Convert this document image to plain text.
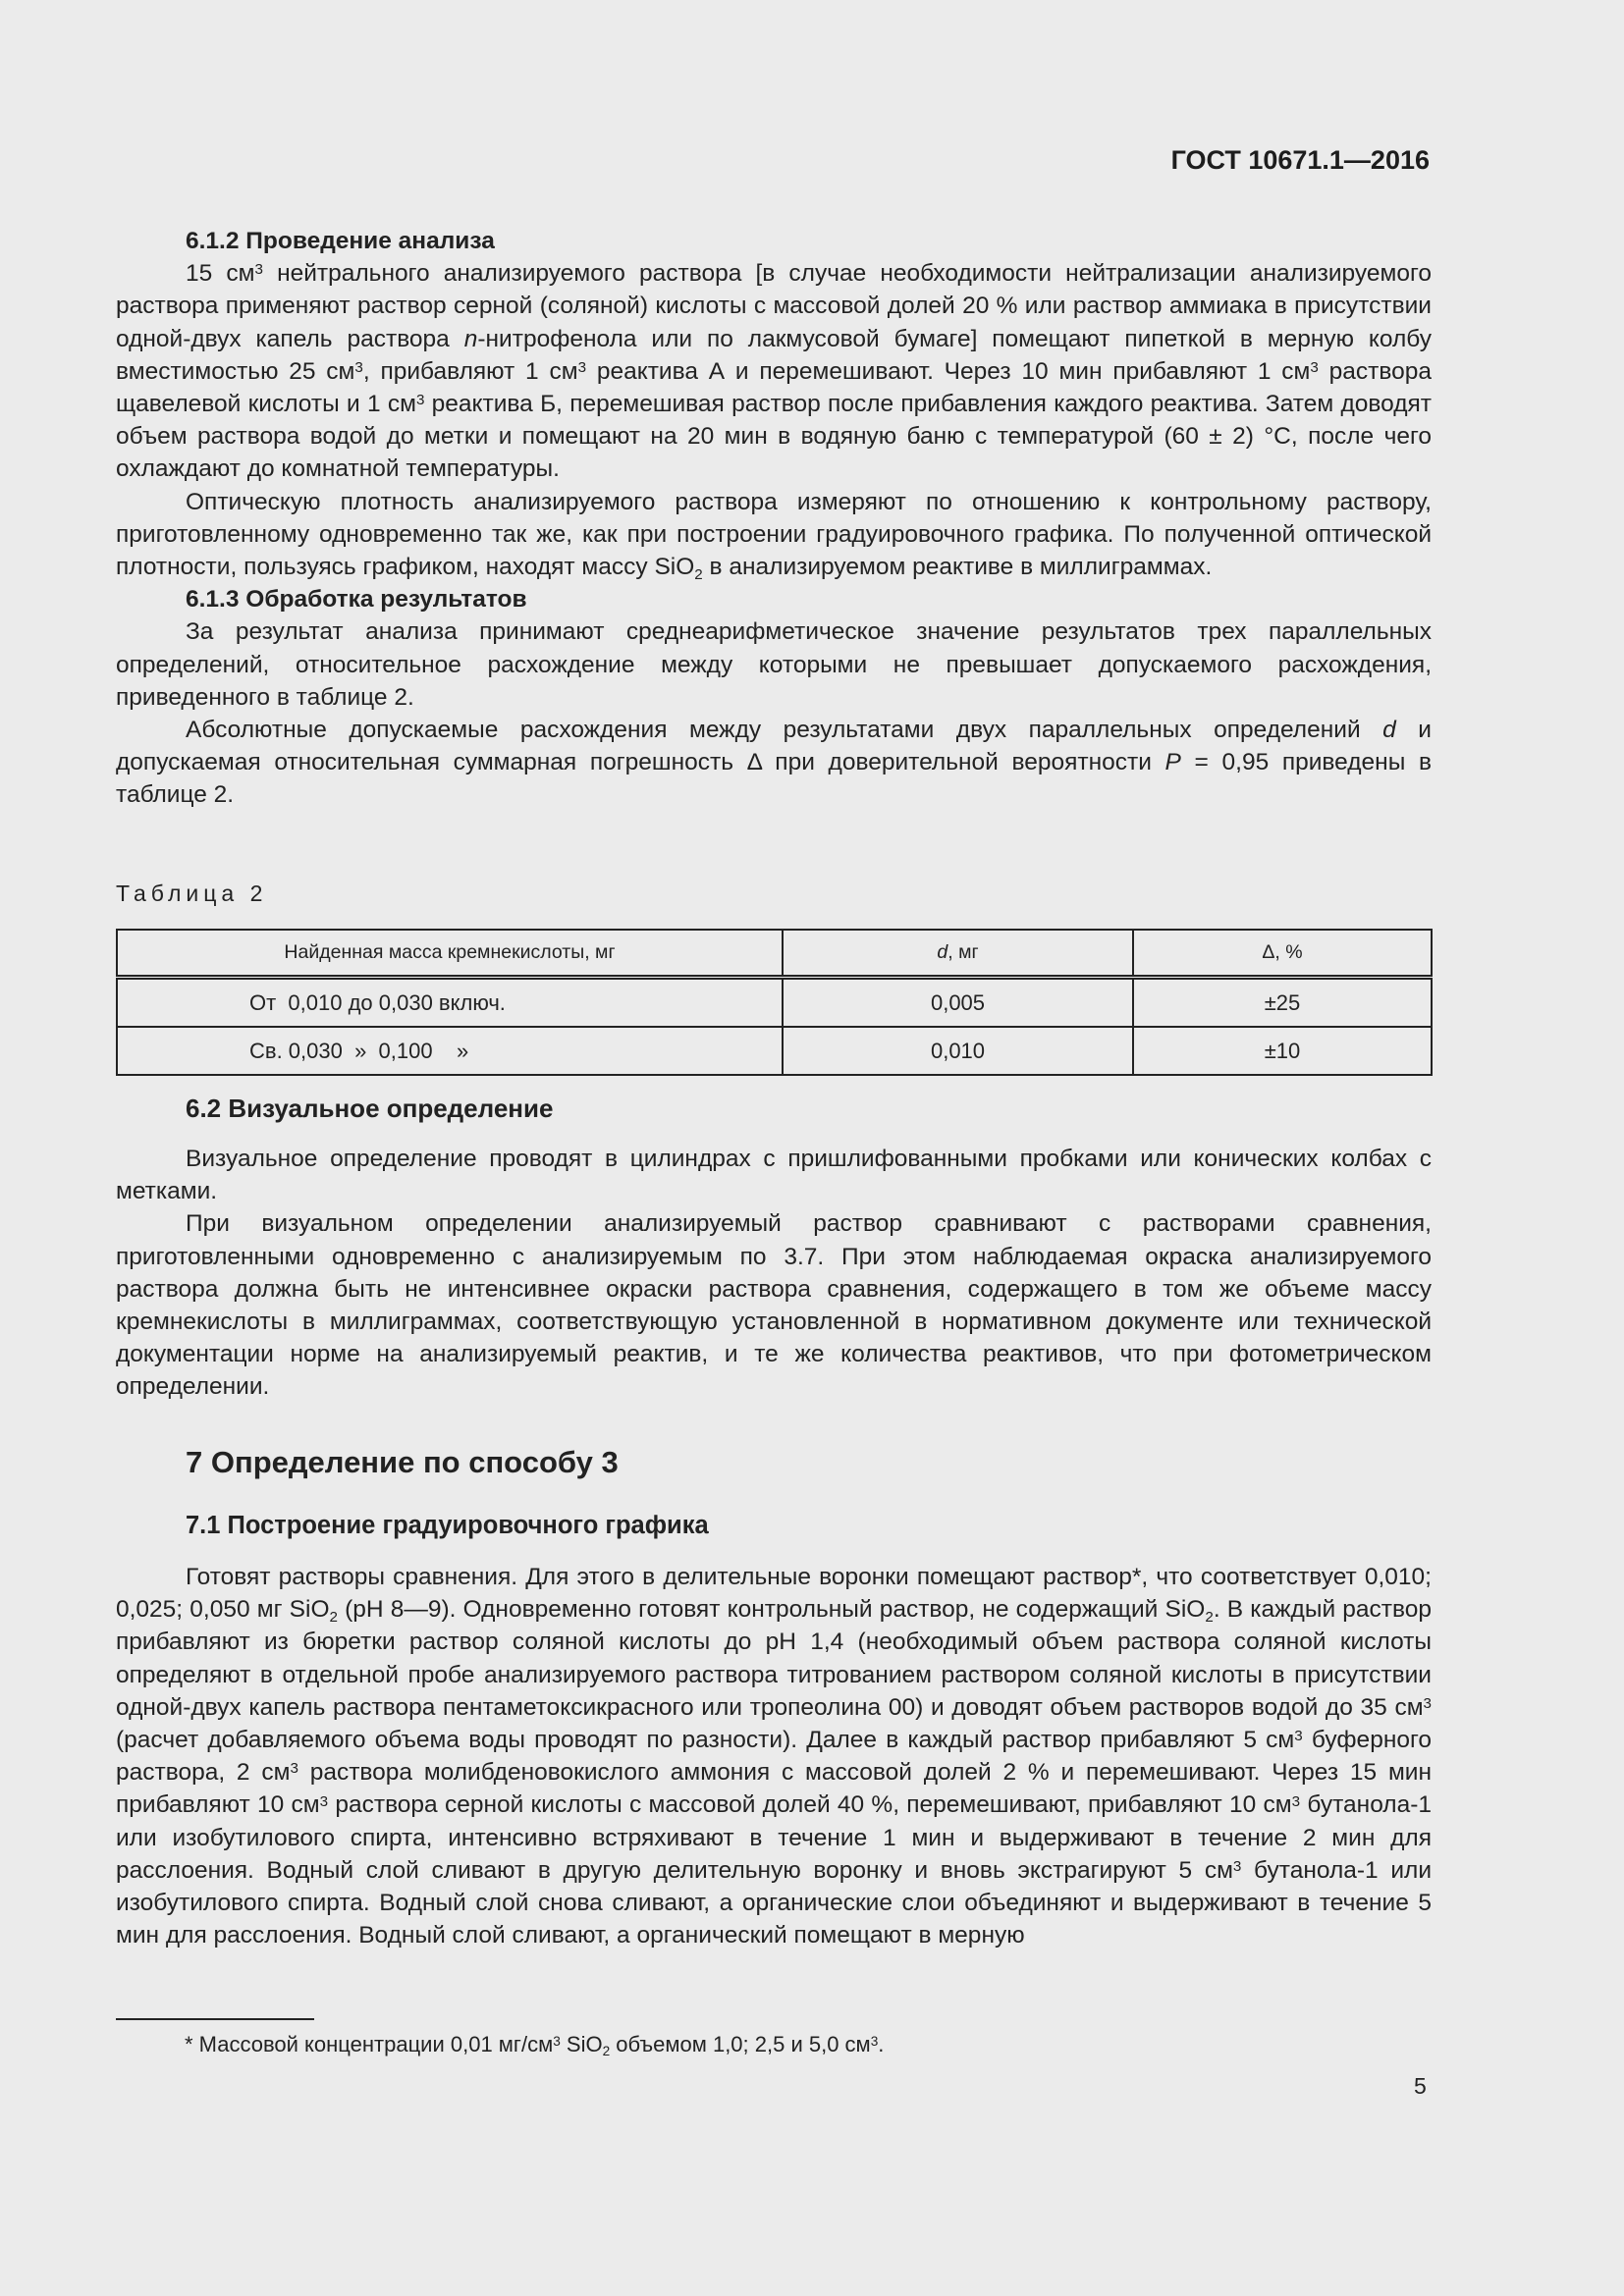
ГОСТ 10671.1—2016

6.1.2 Проведение анализа

15 $см^3$ нейтрального анализируемого раствора [в случае необходимости нейтрализации анализируемого раствора применяют раствор серной (соляной) кислоты с массовой долей 20 % или раствор аммиака в присутствии одной-двух капель раствора n-нитрофенола или по лакмусовой бумаге] помещают пипеткой в мерную колбу вместимостью 25 $см^3$, прибавляют 1 $см^3$ реактива А и перемешивают. Через 10 мин прибавляют 1 $см^3$ раствора щавелевой кислоты и 1 $см^3$ реактива Б, перемешивая раствор после прибавления каждого реактива. Затем доводят объем раствора водой до метки и помещают на 20 мин в водяную баню с температурой (60 ± 2) °С, после чего охлаждают до комнатной температуры.

Оптическую плотность анализируемого раствора измеряют по отношению к контрольному раствору, приготовленному одновременно так же, как при построении градуировочного графика. По полученной оптической плотности, пользуясь графиком, находят массу SiO$_2$ в анализируемом реактиве в миллиграммах.

6.1.3 Обработка результатов

За результат анализа принимают среднеарифметическое значение результатов трех параллельных определений, относительное расхождение между которыми не превышает допускаемого расхождения, приведенного в таблице 2.

Абсолютные допускаемые расхождения между результатами двух параллельных определений d и допускаемая относительная суммарная погрешность Δ при доверительной вероятности Р = 0,95 приведены в таблице 2.

Таблица 2
Найденная масса кремнекислоты, мг	d, мг	Δ, %
От  0,010 до 0,030 включ.	0,005	±25
Св. 0,030  »  0,100    »	0,010	±10
6.2 Визуальное определение

Визуальное определение проводят в цилиндрах с пришлифованными пробками или конических колбах с метками.

При визуальном определении анализируемый раствор сравнивают с растворами сравнения, приготовленными одновременно с анализируемым по 3.7. При этом наблюдаемая окраска анализируемого раствора должна быть не интенсивнее окраски раствора сравнения, содержащего в том же объеме массу кремнекислоты в миллиграммах, соответствующую установленной в нормативном документе или технической документации норме на анализируемый реактив, и те же количества реактивов, что при фотометрическом определении.

7 Определение по способу 3
7.1 Построение градуировочного графика

Готовят растворы сравнения. Для этого в делительные воронки помещают раствор*, что соответствует 0,010; 0,025; 0,050 мг SiO$_2$ (рН 8—9). Одновременно готовят контрольный раствор, не содержащий SiO$_2$. В каждый раствор прибавляют из бюретки раствор соляной кислоты до рН 1,4 (необходимый объем раствора соляной кислоты определяют в отдельной пробе анализируемого раствора титрованием раствором соляной кислоты в присутствии одной-двух капель раствора пентаметоксикрасного или тропеолина 00) и доводят объем растворов водой до 35 $см^3$ (расчет добавляемого объема воды проводят по разности). Далее в каждый раствор прибавляют 5 $см^3$ буферного раствора, 2 $см^3$ раствора молибденовокислого аммония с массовой долей 2 % и перемешивают. Через 15 мин прибавляют 10 $см^3$ раствора серной кислоты с массовой долей 40 %, перемешивают, прибавляют 10 $см^3$ бутанола-1 или изобутилового спирта, интенсивно встряхивают в течение 1 мин и выдерживают в течение 2 мин для расслоения. Водный слой сливают в другую делительную воронку и вновь экстрагируют 5 $см^3$ бутанола-1 или изобутилового спирта. Водный слой снова сливают, а органические слои объединяют и выдерживают в течение 5 мин для расслоения. Водный слой сливают, а органический помещают в мерную

* Массовой концентрации 0,01 $мг/см^3$ SiO$_2$ объемом 1,0; 2,5 и 5,0 $см^3$.
5
